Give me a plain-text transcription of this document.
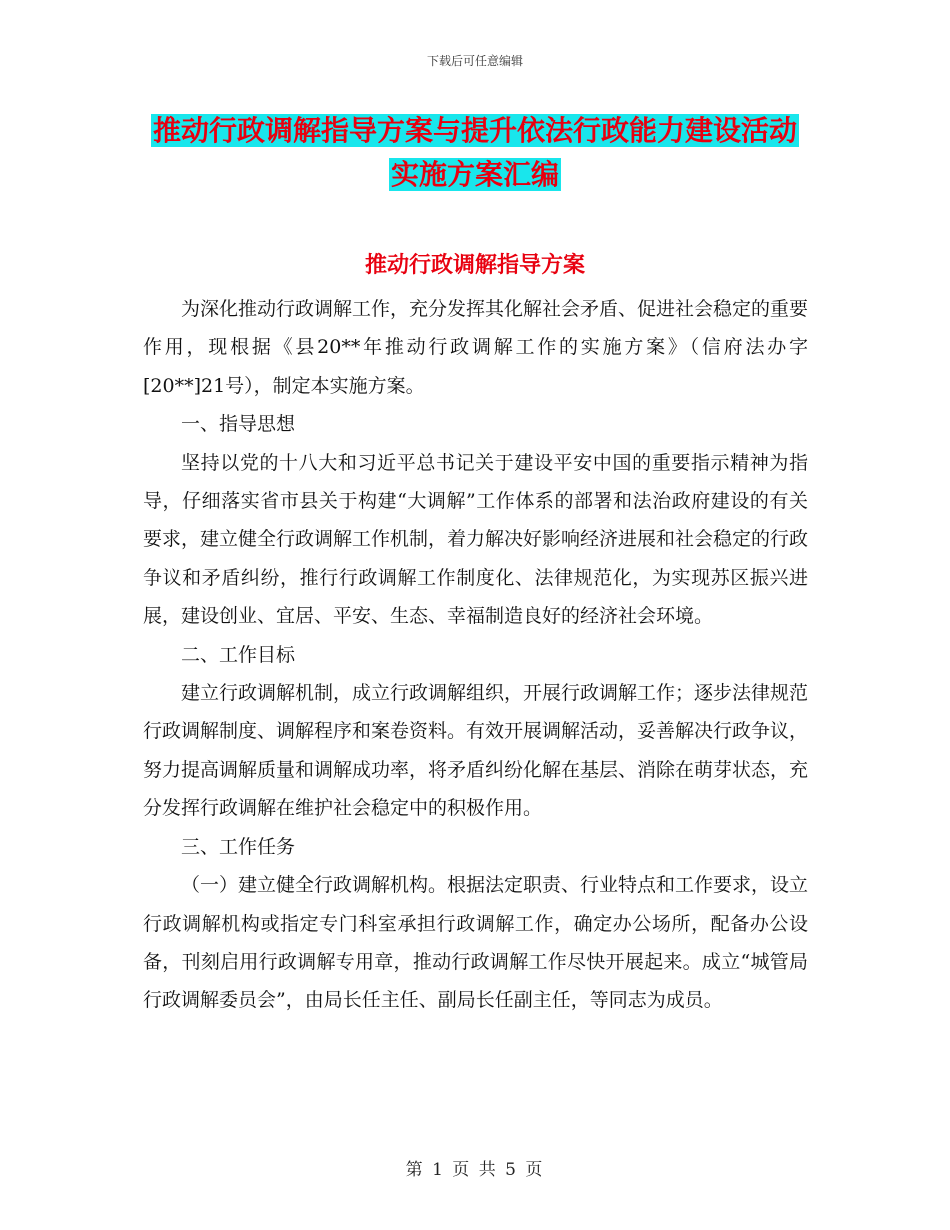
下载后可任意编辑
推动行政调解指导方案与提升依法行政能力建设活动
实施方案汇编
推动行政调解指导方案

为深化推动行政调解工作，充分发挥其化解社会矛盾、促进社会稳定的重要作用，现根据《县20**年推动行政调解工作的实施方案》（信府法办字[20**]21号），制定本实施方案。

一、指导思想

坚持以党的十八大和习近平总书记关于建设平安中国的重要指示精神为指导，仔细落实省市县关于构建“大调解”工作体系的部署和法治政府建设的有关要求，建立健全行政调解工作机制，着力解决好影响经济进展和社会稳定的行政争议和矛盾纠纷，推行行政调解工作制度化、法律规范化，为实现苏区振兴进展，建设创业、宜居、平安、生态、幸福制造良好的经济社会环境。

二、工作目标

建立行政调解机制，成立行政调解组织，开展行政调解工作；逐步法律规范行政调解制度、调解程序和案卷资料。有效开展调解活动，妥善解决行政争议，努力提高调解质量和调解成功率，将矛盾纠纷化解在基层、消除在萌芽状态，充分发挥行政调解在维护社会稳定中的积极作用。

三、工作任务

（一）建立健全行政调解机构。根据法定职责、行业特点和工作要求，设立行政调解机构或指定专门科室承担行政调解工作，确定办公场所，配备办公设备，刊刻启用行政调解专用章，推动行政调解工作尽快开展起来。成立“城管局行政调解委员会”，由局长任主任、副局长任副主任，等同志为成员。

第 1 页 共 5 页
